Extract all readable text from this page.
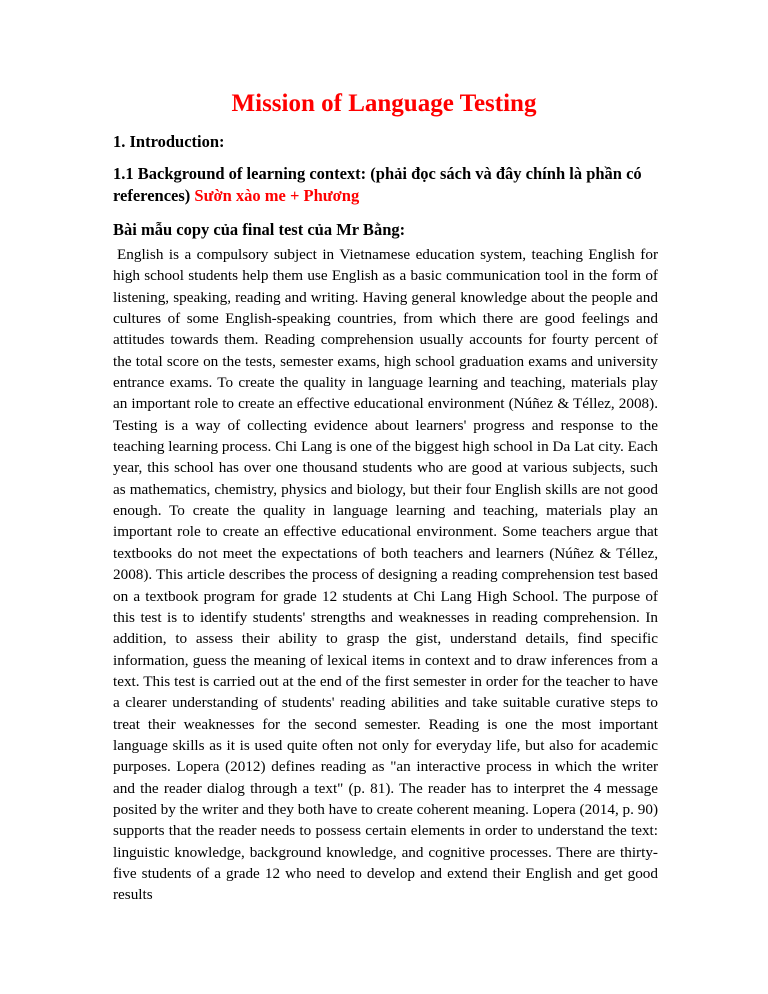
Mission of Language Testing
1. Introduction:
1.1 Background of learning context: (phải đọc sách và đây chính là phần có references) Sườn xào me + Phương
Bài mẫu copy của final test của Mr Bằng:

English is a compulsory subject in Vietnamese education system, teaching English for high school students help them use English as a basic communication tool in the form of listening, speaking, reading and writing. Having general knowledge about the people and cultures of some English-speaking countries, from which there are good feelings and attitudes towards them. Reading comprehension usually accounts for fourty percent of the total score on the tests, semester exams, high school graduation exams and university entrance exams. To create the quality in language learning and teaching, materials play an important role to create an effective educational environment (Núñez & Téllez, 2008). Testing is a way of collecting evidence about learners' progress and response to the teaching learning process. Chi Lang is one of the biggest high school in Da Lat city. Each year, this school has over one thousand students who are good at various subjects, such as mathematics, chemistry, physics and biology, but their four English skills are not good enough. To create the quality in language learning and teaching, materials play an important role to create an effective educational environment. Some teachers argue that textbooks do not meet the expectations of both teachers and learners (Núñez & Téllez, 2008). This article describes the process of designing a reading comprehension test based on a textbook program for grade 12 students at Chi Lang High School. The purpose of this test is to identify students' strengths and weaknesses in reading comprehension. In addition, to assess their ability to grasp the gist, understand details, find specific information, guess the meaning of lexical items in context and to draw inferences from a text. This test is carried out at the end of the first semester in order for the teacher to have a clearer understanding of students' reading abilities and take suitable curative steps to treat their weaknesses for the second semester. Reading is one the most important language skills as it is used quite often not only for everyday life, but also for academic purposes. Lopera (2012) defines reading as "an interactive process in which the writer and the reader dialog through a text" (p. 81). The reader has to interpret the 4 message posited by the writer and they both have to create coherent meaning. Lopera (2014, p. 90) supports that the reader needs to possess certain elements in order to understand the text: linguistic knowledge, background knowledge, and cognitive processes. There are thirty-five students of a grade 12 who need to develop and extend their English and get good results
